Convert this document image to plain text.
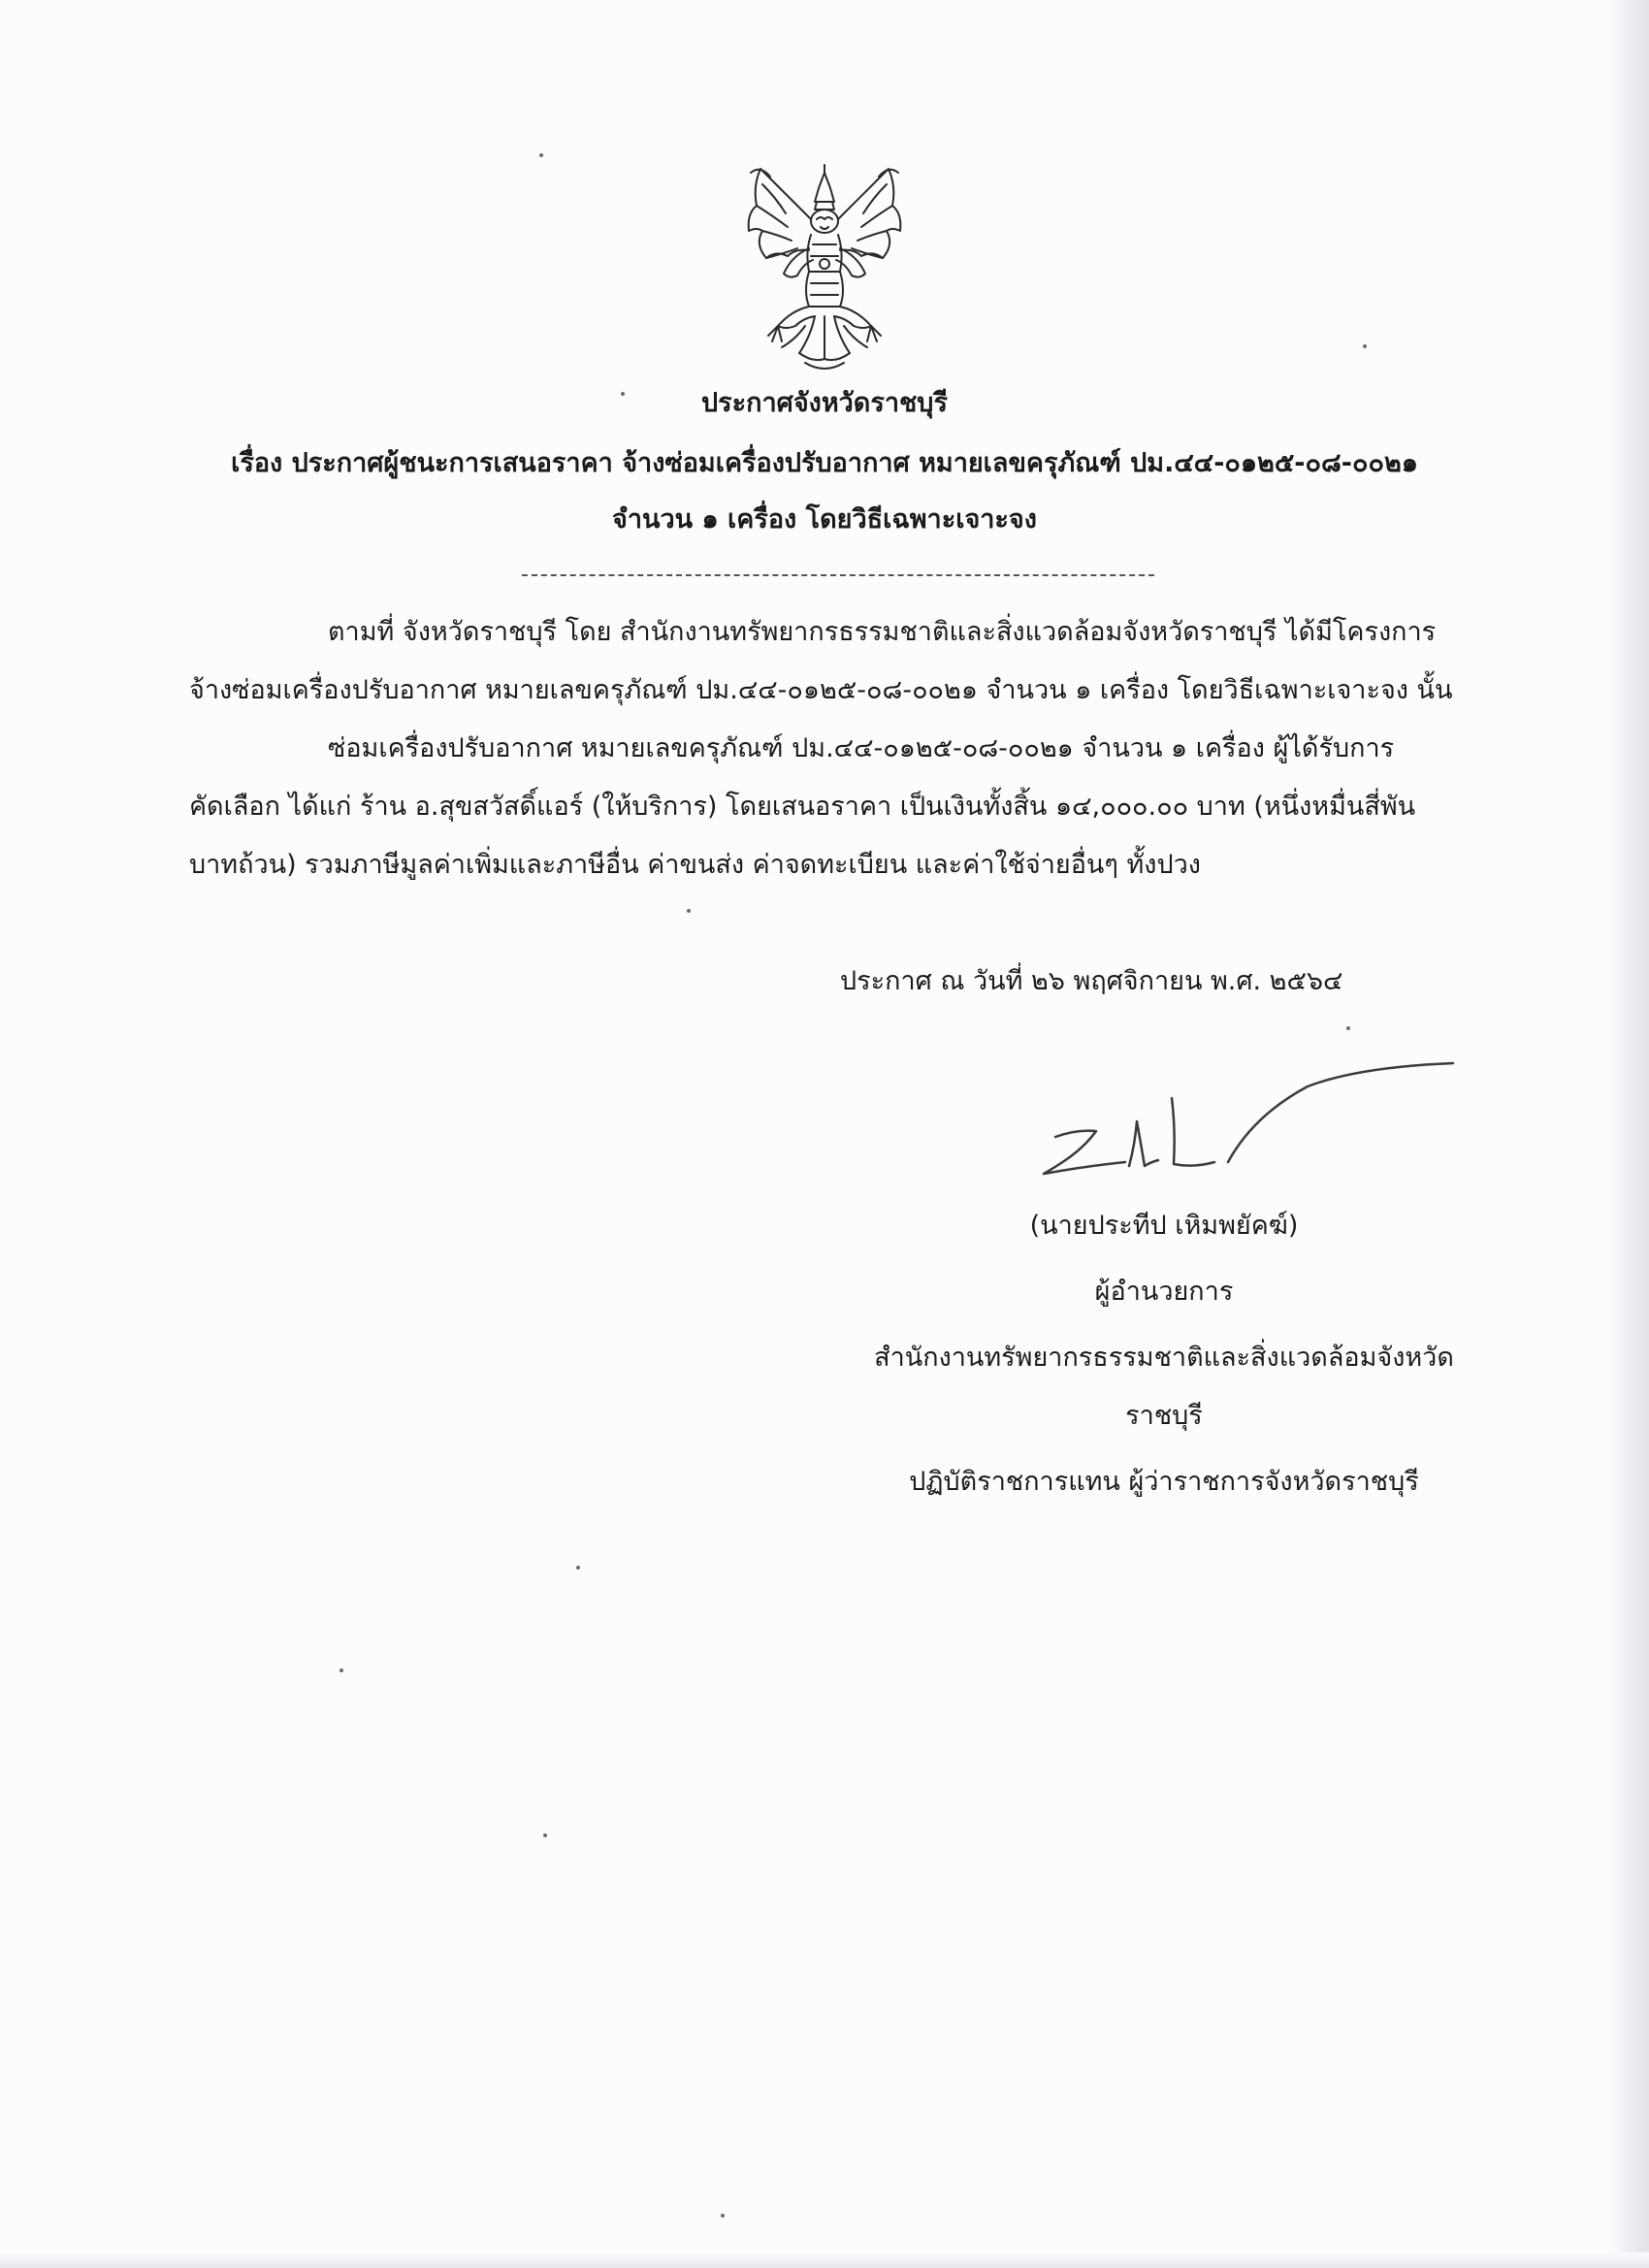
ประกาศจังหวัดราชบุรี
เรื่อง ประกาศผู้ชนะการเสนอราคา จ้างซ่อมเครื่องปรับอากาศ หมายเลขครุภัณฑ์ ปม.๔๔-๐๑๒๕-๐๘-๐๐๒๑
จำนวน ๑ เครื่อง โดยวิธีเฉพาะเจาะจง
ตามที่ จังหวัดราชบุรี โดย สำนักงานทรัพยากรธรรมชาติและสิ่งแวดล้อมจังหวัดราชบุรี ได้มีโครงการ
จ้างซ่อมเครื่องปรับอากาศ หมายเลขครุภัณฑ์ ปม.๔๔-๐๑๒๕-๐๘-๐๐๒๑ จำนวน ๑ เครื่อง โดยวิธีเฉพาะเจาะจง นั้น
ซ่อมเครื่องปรับอากาศ หมายเลขครุภัณฑ์ ปม.๔๔-๐๑๒๕-๐๘-๐๐๒๑ จำนวน ๑ เครื่อง ผู้ได้รับการ
คัดเลือก ได้แก่ ร้าน อ.สุขสวัสดิ์แอร์ (ให้บริการ) โดยเสนอราคา เป็นเงินทั้งสิ้น ๑๔,๐๐๐.๐๐ บาท (หนึ่งหมื่นสี่พัน
บาทถ้วน) รวมภาษีมูลค่าเพิ่มและภาษีอื่น ค่าขนส่ง ค่าจดทะเบียน และค่าใช้จ่ายอื่นๆ ทั้งปวง
ประกาศ ณ วันที่ ๒๖ พฤศจิกายน พ.ศ. ๒๕๖๔
(นายประทีป เหิมพยัคฆ์)
ผู้อำนวยการ
สำนักงานทรัพยากรธรรมชาติและสิ่งแวดล้อมจังหวัด
ราชบุรี
ปฏิบัติราชการแทน ผู้ว่าราชการจังหวัดราชบุรี
